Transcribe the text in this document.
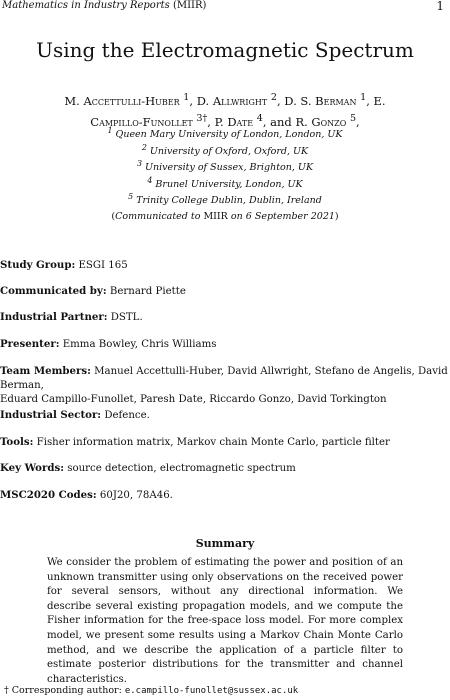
Mathematics in Industry Reports (MIIR)	1
Using the Electromagnetic Spectrum
M. Accettulli-Huber $^1$, D. Allwright $^2$, D. S. Berman $^1$, E. Campillo-Funollet $^{3\dagger}$, P. Date $^4$, and R. Gonzo $^5$,
$^1$ Queen Mary University of London, London, UK
$^2$ University of Oxford, Oxford, UK
$^3$ University of Sussex, Brighton, UK
$^4$ Brunel University, London, UK
$^5$ Trinity College Dublin, Dublin, Ireland
(Communicated to MIIR on 6 September 2021)
Study Group: ESGI 165
Communicated by: Bernard Piette
Industrial Partner: DSTL.
Presenter: Emma Bowley, Chris Williams
Team Members: Manuel Accettulli-Huber, David Allwright, Stefano de Angelis, David Berman,
Eduard Campillo-Funollet, Paresh Date, Riccardo Gonzo, David Torkington
Industrial Sector: Defence.
Tools: Fisher information matrix, Markov chain Monte Carlo, particle filter
Key Words: source detection, electromagnetic spectrum
MSC2020 Codes: 60J20, 78A46.
Summary
We consider the problem of estimating the power and position of an unknown transmitter using only observations on the received power for several sensors, without any directional information. We describe several existing propagation models, and we compute the Fisher information for the free-space loss model. For more complex model, we present some results using a Markov Chain Monte Carlo method, and we describe the application of a particle filter to estimate posterior distributions for the transmitter and channel characteristics.
† Corresponding author: e.campillo-funollet@sussex.ac.uk
